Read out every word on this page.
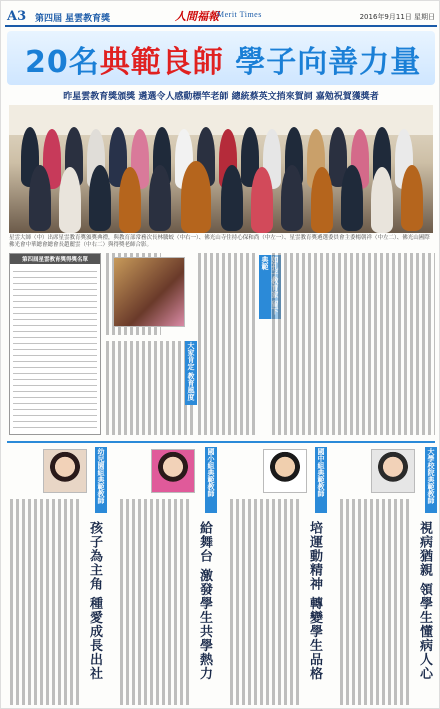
A3 第四屆 星雲教育獎	人間福報
Merit Times	2016年9月11日 星期日
20名典範良師 學子向善力量
昨星雲教育獎頒獎 遴選令人感動標竿老師 總統蔡英文捎來賀詞 嘉勉祝賀獲獎者
星雲大師（中）出席星雲教育獎頒獎典禮，與教育部常務次長林騰蛟（中右一）、佛光山寺住持心保和尚（中左一）、星雲教育獎遴選委員會主委楊朝祥（中左二）、佛光山國際佛光會中華總會總會長趙麗雲（中右二）與得獎老師合影。
第四屆星雲教育獎得獎名單
大家肯定 教育風度
典範
大學校院典範教師
視病猶親 領學生懂病人心
國中組典範教師
培運動精神 轉變學生品格
國小組典範教師
給舞台 激發學生共學熱力
幼兒園組典範教師
孩子為主角 種愛成長出社
